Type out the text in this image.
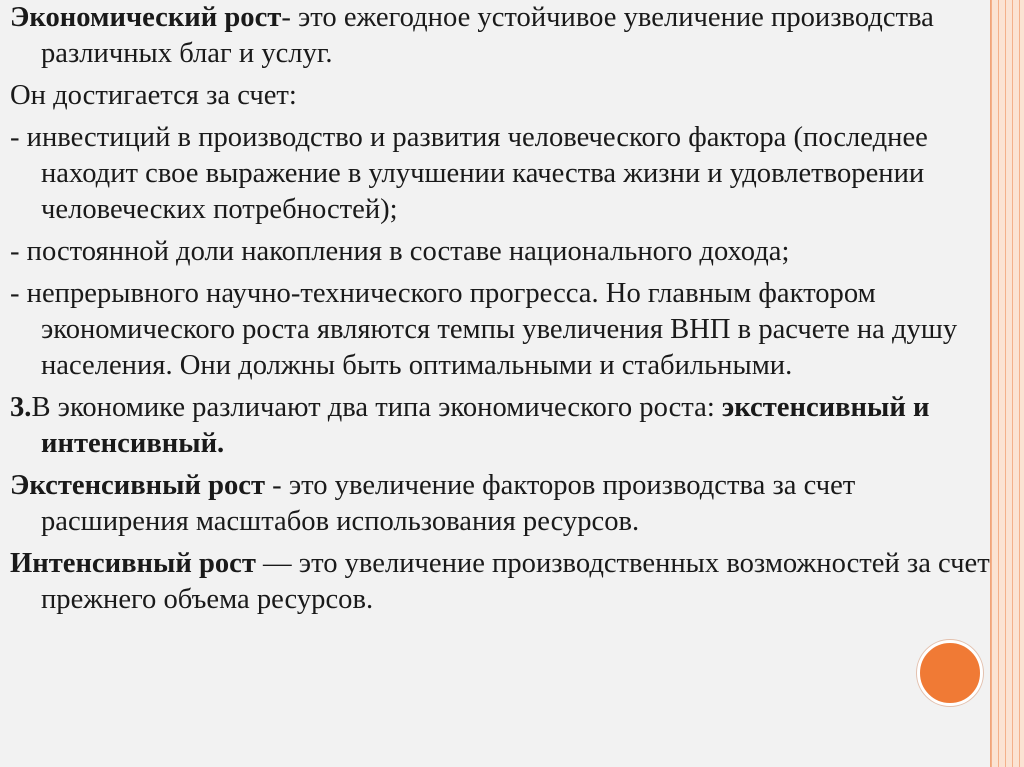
Экономический рост- это ежегодное устойчивое увеличение производства различных благ и услуг.

Он достигается за счет:

- инвестиций в производство и развития человеческого фактора (последнее находит свое выражение в улучшении качества жизни и удовлетворении человеческих потребностей);

- постоянной доли накопления в составе национального дохода;

- непрерывного научно-технического прогресса. Но главным фактором экономического роста являются темпы увеличения ВНП в расчете на душу населения. Они должны быть оптимальными и стабильными.

3.В экономике различают два типа экономического роста: экстенсивный и интенсивный.

Экстенсивный рост - это увеличение факторов производства за счет расширения масштабов использования ресурсов.

Интенсивный рост — это увеличение производственных возможностей за счет прежнего объема ресурсов.
